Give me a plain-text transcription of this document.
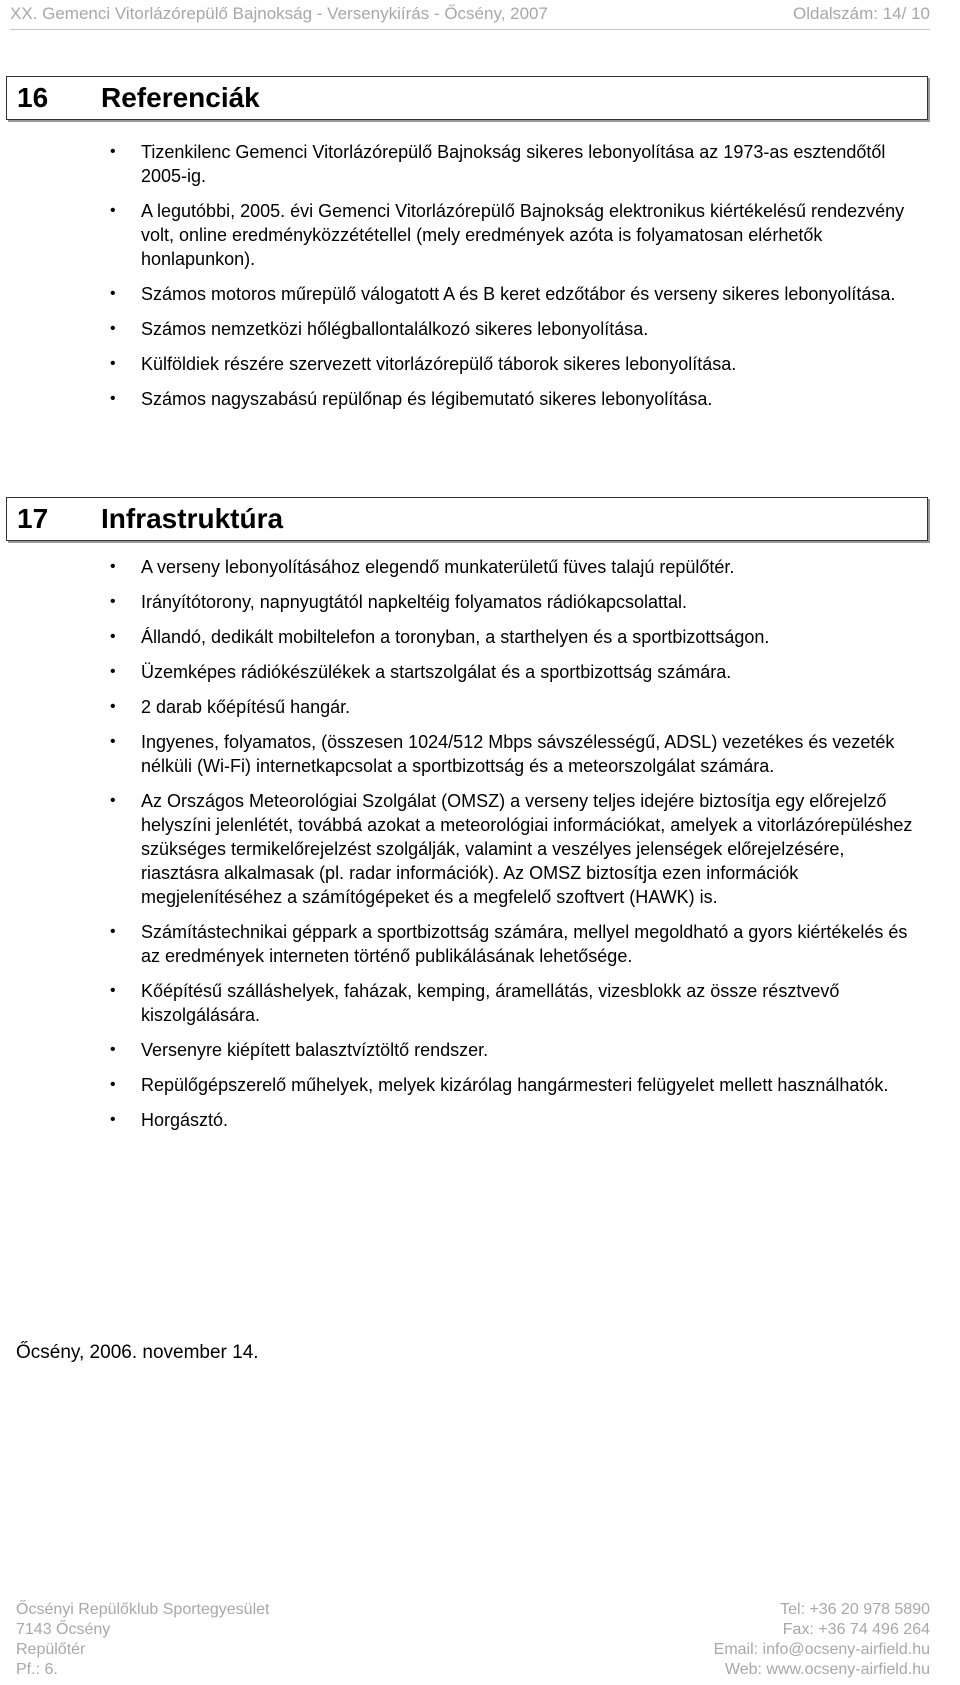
XX. Gemenci Vitorlázórepülő Bajnokság - Versenykiírás - Őcsény, 2007	Oldalszám: 14/ 10
16	Referenciák
• Tizenkilenc Gemenci Vitorlázórepülő Bajnokság sikeres lebonyolítása az 1973-as esztendőtől 2005-ig.
• A legutóbbi, 2005. évi Gemenci Vitorlázórepülő Bajnokság elektronikus kiértékelésű rendezvény volt, online eredményközzététellel (mely eredmények azóta is folyamatosan elérhetők honlapunkon).
• Számos motoros műrepülő válogatott A és B keret edzőtábor és verseny sikeres lebonyolítása.
• Számos nemzetközi hőlégballontalálkozó sikeres lebonyolítása.
• Külföldiek részére szervezett vitorlázórepülő táborok sikeres lebonyolítása.
• Számos nagyszabású repülőnap és légibemutató sikeres lebonyolítása.
17	Infrastruktúra
• A verseny lebonyolításához elegendő munkaterületű füves talajú repülőtér.
• Irányítótorony, napnyugtától napkeltéig folyamatos rádiókapcsolattal.
• Állandó, dedikált mobiltelefon a toronyban, a starthelyen és a sportbizottságon.
• Üzemképes rádiókészülékek a startszolgálat és a sportbizottság számára.
• 2 darab kőépítésű hangár.
• Ingyenes, folyamatos, (összesen 1024/512 Mbps sávszélességű, ADSL) vezetékes és vezeték nélküli (Wi-Fi) internetkapcsolat a sportbizottság és a meteorszolgálat számára.
• Az Országos Meteorológiai Szolgálat (OMSZ) a verseny teljes idejére biztosítja egy előrejelző helyszíni jelenlétét, továbbá azokat a meteorológiai információkat, amelyek a vitorlázórepüléshez szükséges termikelőrejelzést szolgálják, valamint a veszélyes jelenségek előrejelzésére, riasztásra alkalmasak (pl. radar információk). Az OMSZ biztosítja ezen információk megjelenítéséhez a számítógépeket és a megfelelő szoftvert (HAWK) is.
• Számítástechnikai géppark a sportbizottság számára, mellyel megoldható a gyors kiértékelés és az eredmények interneten történő publikálásának lehetősége.
• Kőépítésű szálláshelyek, faházak, kemping, áramellátás, vizesblokk az össze résztvevő kiszolgálására.
• Versenyre kiépített balasztvíztöltő rendszer.
• Repülőgépszerelő műhelyek, melyek kizárólag hangármesteri felügyelet mellett használhatók.
• Horgásztó.
Őcsény, 2006. november 14.
Őcsényi Repülőklub Sportegyesület
7143 Őcsény
Repülőtér
Pf.: 6.
Tel: +36 20 978 5890
Fax: +36 74 496 264
Email: info@ocseny-airfield.hu
Web: www.ocseny-airfield.hu
